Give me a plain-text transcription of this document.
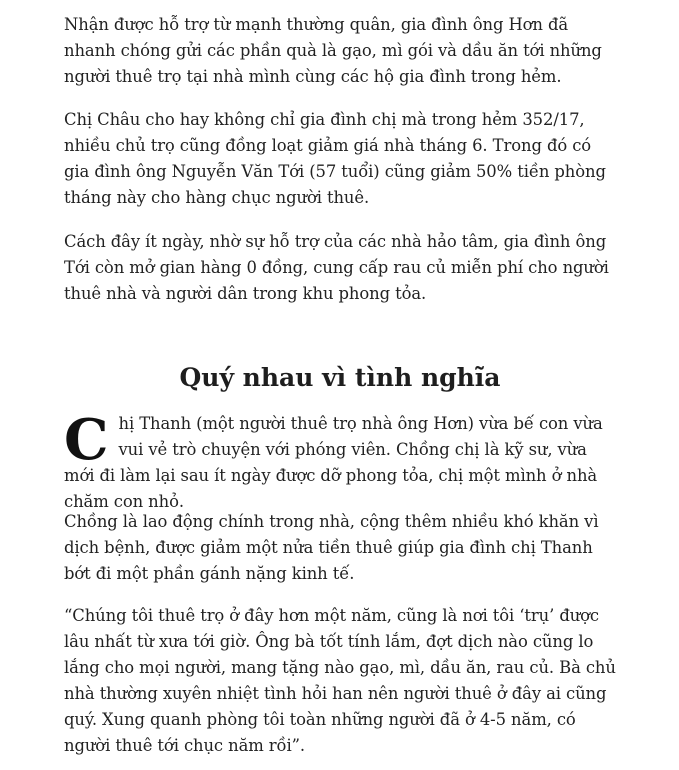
Nhận được hỗ trợ từ mạnh thường quân, gia đình ông Hơn đã nhanh chóng gửi các phần quà là gạo, mì gói và dầu ăn tới những người thuê trọ tại nhà mình cùng các hộ gia đình trong hẻm.

Chị Châu cho hay không chỉ gia đình chị mà trong hẻm 352/17, nhiều chủ trọ cũng đồng loạt giảm giá nhà tháng 6. Trong đó có gia đình ông Nguyễn Văn Tới (57 tuổi) cũng giảm 50% tiền phòng tháng này cho hàng chục người thuê.

Cách đây ít ngày, nhờ sự hỗ trợ của các nhà hảo tâm, gia đình ông Tới còn mở gian hàng 0 đồng, cung cấp rau củ miễn phí cho người thuê nhà và người dân trong khu phong tỏa.

Quý nhau vì tình nghĩa

Chị Thanh (một người thuê trọ nhà ông Hơn) vừa bế con vừa vui vẻ trò chuyện với phóng viên. Chồng chị là kỹ sư, vừa mới đi làm lại sau ít ngày được dỡ phong tỏa, chị một mình ở nhà chăm con nhỏ.

Chồng là lao động chính trong nhà, cộng thêm nhiều khó khăn vì dịch bệnh, được giảm một nửa tiền thuê giúp gia đình chị Thanh bớt đi một phần gánh nặng kinh tế.

“Chúng tôi thuê trọ ở đây hơn một năm, cũng là nơi tôi ‘trụ’ được lâu nhất từ xưa tới giờ. Ông bà tốt tính lắm, đợt dịch nào cũng lo lắng cho mọi người, mang tặng nào gạo, mì, dầu ăn, rau củ. Bà chủ nhà thường xuyên nhiệt tình hỏi han nên người thuê ở đây ai cũng quý. Xung quanh phòng tôi toàn những người đã ở 4-5 năm, có người thuê tới chục năm rồi”.
